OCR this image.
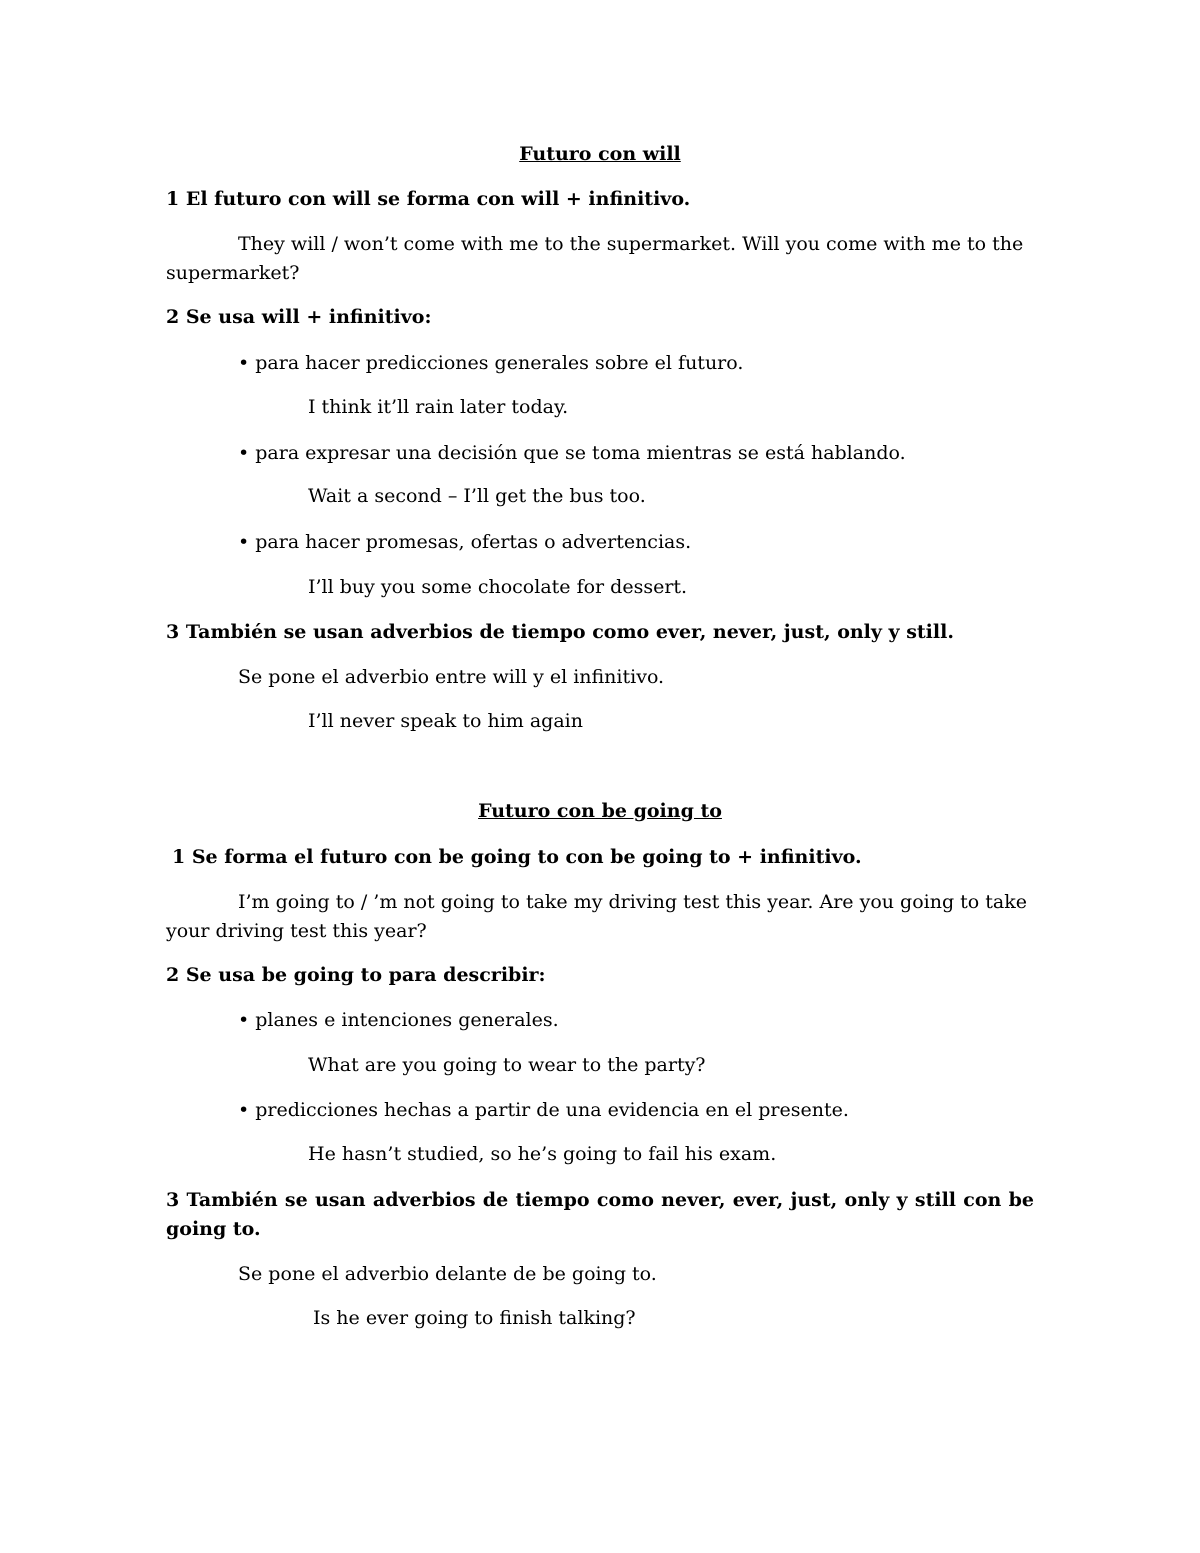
Futuro con will
1 El futuro con will se forma con will + infinitivo.
They will / won’t come with me to the supermarket. Will you come with me to the supermarket?
2 Se usa will + infinitivo:
• para hacer predicciones generales sobre el futuro.
I think it’ll rain later today.
• para expresar una decisión que se toma mientras se está hablando.
Wait a second – I’ll get the bus too.
• para hacer promesas, ofertas o advertencias.
I’ll buy you some chocolate for dessert.
3 También se usan adverbios de tiempo como ever, never, just, only y still.
Se pone el adverbio entre will y el infinitivo.
I’ll never speak to him again
Futuro con be going to
1 Se forma el futuro con be going to con be going to + infinitivo.
I’m going to / ’m not going to take my driving test this year. Are you going to take your driving test this year?
2 Se usa be going to para describir:
• planes e intenciones generales.
What are you going to wear to the party?
• predicciones hechas a partir de una evidencia en el presente.
He hasn’t studied, so he’s going to fail his exam.
3 También se usan adverbios de tiempo como never, ever, just, only y still con be going to.
Se pone el adverbio delante de be going to.
Is he ever going to finish talking?
